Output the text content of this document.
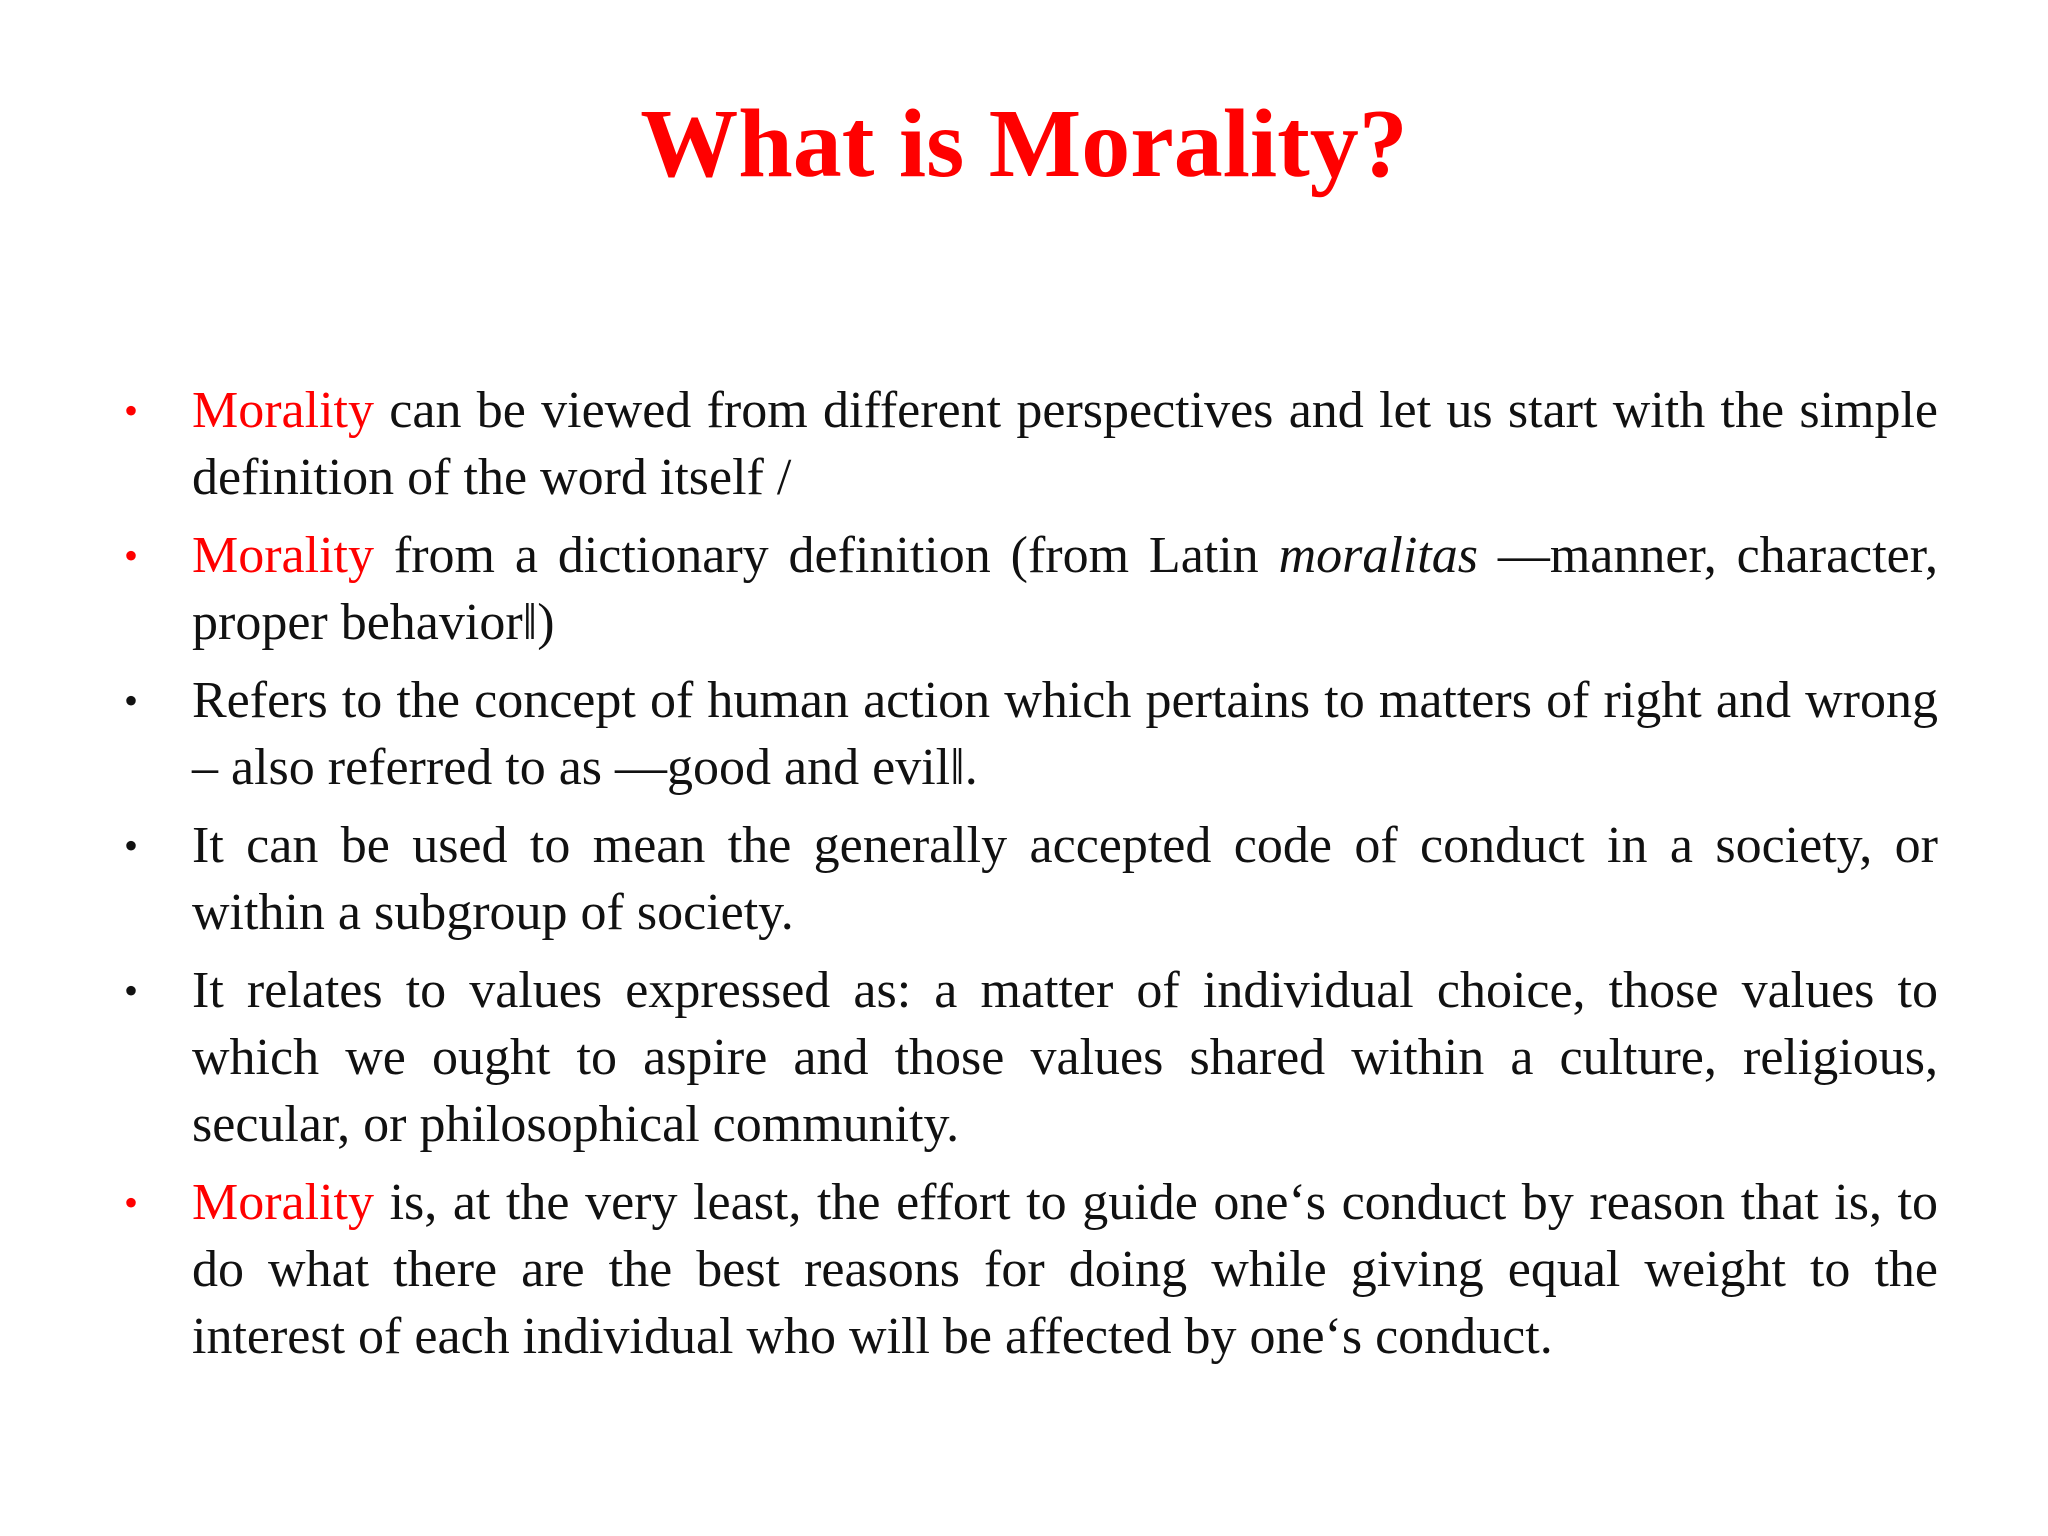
What is Morality?
•	Morality can be viewed from different perspectives and let us start with the simple definition of the word itself /
•	Morality from a dictionary definition (from Latin moralitas ―manner, character, proper behavior‖)
•	Refers to the concept of human action which pertains to matters of right and wrong – also referred to as ―good and evil‖.
•	It can be used to mean the generally accepted code of conduct in a society, or within a subgroup of society.
•	It relates to values expressed as: a matter of individual choice, those values to which we ought to aspire and those values shared within a culture, religious, secular, or philosophical community.
•	Morality is, at the very least, the effort to guide one‘s conduct by reason that is, to do what there are the best reasons for doing while giving equal weight to the interest of each individual who will be affected by one‘s conduct.
